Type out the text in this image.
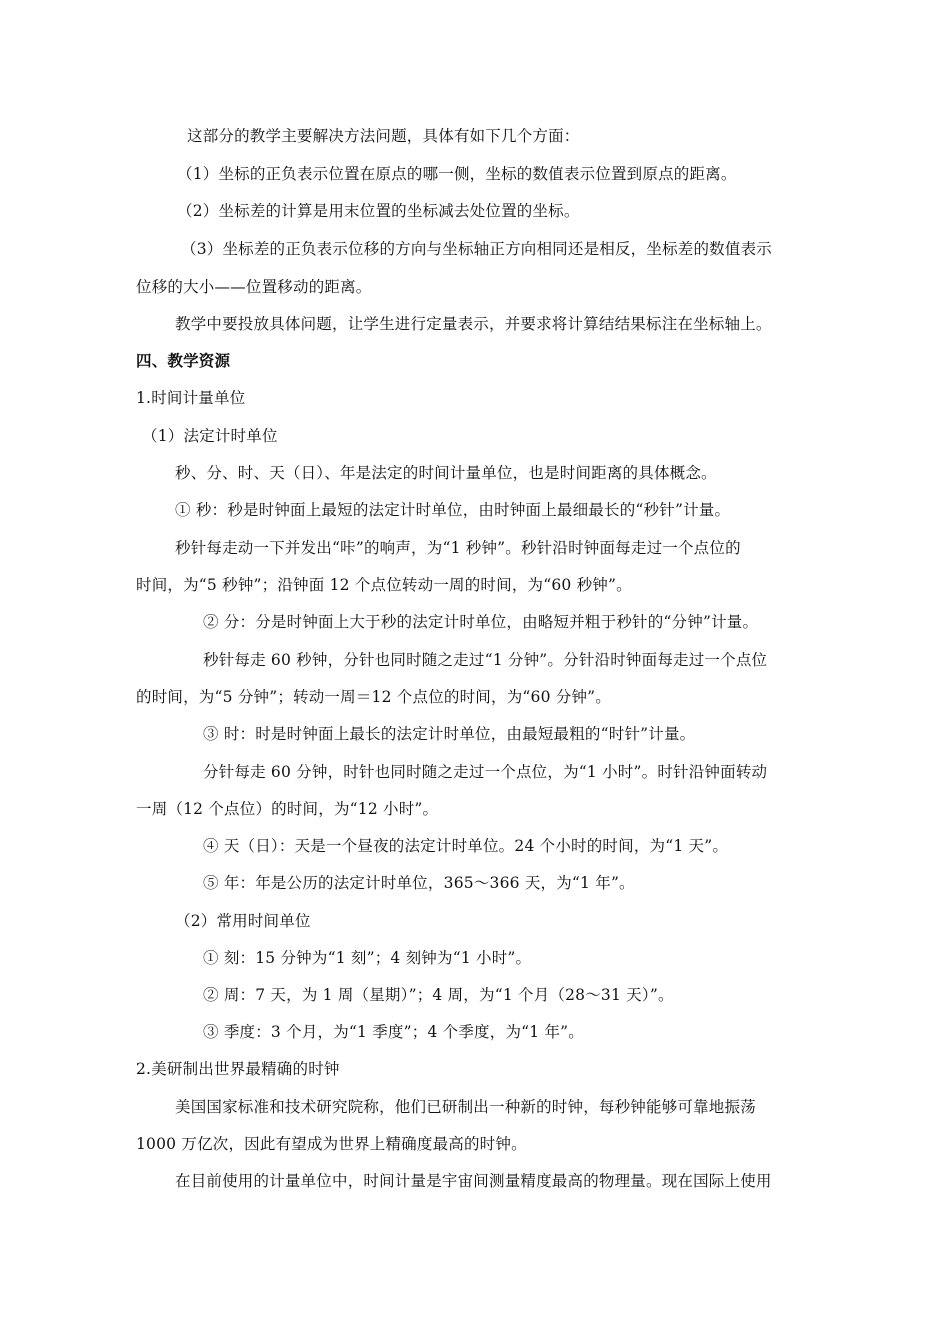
这部分的教学主要解决方法问题，具体有如下几个方面：
（1）坐标的正负表示位置在原点的哪一侧，坐标的数值表示位置到原点的距离。
（2）坐标差的计算是用末位置的坐标减去处位置的坐标。
（3）坐标差的正负表示位移的方向与坐标轴正方向相同还是相反，坐标差的数值表示
位移的大小——位置移动的距离。
教学中要投放具体问题，让学生进行定量表示，并要求将计算结结果标注在坐标轴上。
四、教学资源
1.时间计量单位
（1）法定计时单位
秒、分、时、天（日）、年是法定的时间计量单位，也是时间距离的具体概念。
① 秒：秒是时钟面上最短的法定计时单位，由时钟面上最细最长的“秒针”计量。
秒针每走动一下并发出“咔”的响声，为“1 秒钟”。秒针沿时钟面每走过一个点位的
时间，为“5 秒钟”；沿钟面 12 个点位转动一周的时间，为“60 秒钟”。
② 分：分是时钟面上大于秒的法定计时单位，由略短并粗于秒针的“分钟”计量。
秒针每走 60 秒钟，分针也同时随之走过“1 分钟”。分针沿时钟面每走过一个点位
的时间，为“5 分钟”；转动一周＝12 个点位的时间，为“60 分钟”。
③ 时：时是时钟面上最长的法定计时单位，由最短最粗的“时针”计量。
分针每走 60 分钟，时针也同时随之走过一个点位，为“1 小时”。时针沿钟面转动
一周（12 个点位）的时间，为“12 小时”。
④ 天（日）：天是一个昼夜的法定计时单位。24 个小时的时间，为“1 天”。
⑤ 年：年是公历的法定计时单位，365～366 天，为“1 年”。
（2）常用时间单位
① 刻：15 分钟为“1 刻”；4 刻钟为“1 小时”。
② 周：7 天，为 1 周（星期）”；4 周，为“1 个月（28～31 天）”。
③ 季度：3 个月，为“1 季度”；4 个季度，为“1 年”。
2.美研制出世界最精确的时钟
美国国家标准和技术研究院称，他们已研制出一种新的时钟，每秒钟能够可靠地振荡
1000 万亿次，因此有望成为世界上精确度最高的时钟。
在目前使用的计量单位中，时间计量是宇宙间测量精度最高的物理量。现在国际上使用
